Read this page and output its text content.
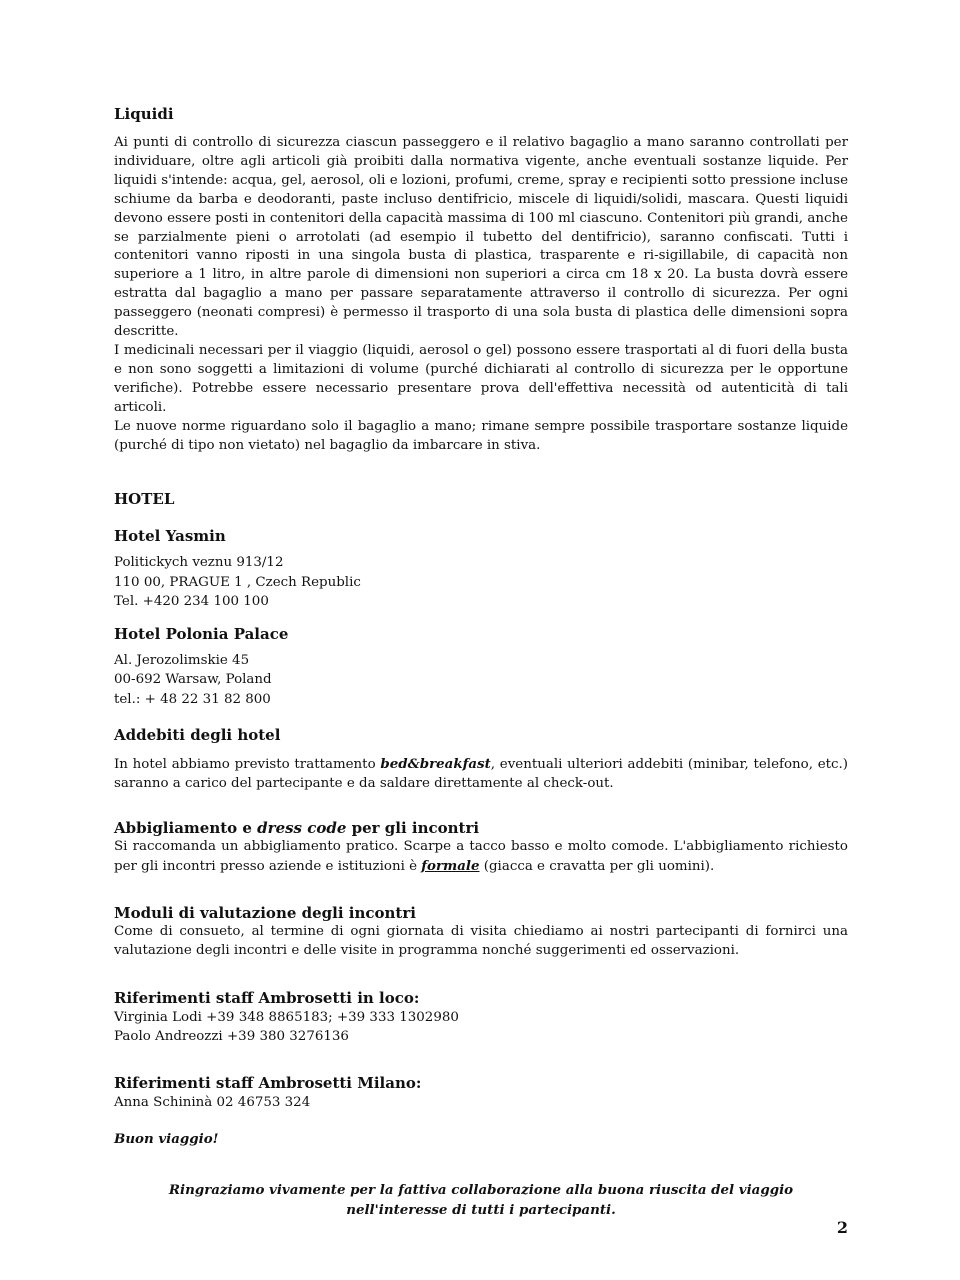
Liquidi

Ai punti di controllo di sicurezza ciascun passeggero e il relativo bagaglio a mano saranno controllati per individuare, oltre agli articoli già proibiti dalla normativa vigente, anche eventuali sostanze liquide. Per liquidi s'intende: acqua, gel, aerosol, oli e lozioni, profumi, creme, spray e recipienti sotto pressione incluse schiume da barba e deodoranti, paste incluso dentifricio, miscele di liquidi/solidi, mascara. Questi liquidi devono essere posti in contenitori della capacità massima di 100 ml ciascuno. Contenitori più grandi, anche se parzialmente pieni o arrotolati (ad esempio il tubetto del dentifricio), saranno confiscati. Tutti i contenitori vanno riposti in una singola busta di plastica, trasparente e ri-sigillabile, di capacità non superiore a 1 litro, in altre parole di dimensioni non superiori a circa cm 18 x 20. La busta dovrà essere estratta dal bagaglio a mano per passare separatamente attraverso il controllo di sicurezza. Per ogni passeggero (neonati compresi) è permesso il trasporto di una sola busta di plastica delle dimensioni sopra descritte.

I medicinali necessari per il viaggio (liquidi, aerosol o gel) possono essere trasportati al di fuori della busta e non sono soggetti a limitazioni di volume (purché dichiarati al controllo di sicurezza per le opportune verifiche). Potrebbe essere necessario presentare prova dell'effettiva necessità od autenticità di tali articoli.

Le nuove norme riguardano solo il bagaglio a mano; rimane sempre possibile trasportare sostanze liquide (purché di tipo non vietato) nel bagaglio da imbarcare in stiva.

HOTEL

Hotel Yasmin

Politickych veznu 913/12

110 00, PRAGUE 1 , Czech Republic

Tel. +420 234 100 100

Hotel Polonia Palace

Al. Jerozolimskie 45

00-692 Warsaw, Poland

tel.: + 48 22 31 82 800

Addebiti degli hotel

In hotel abbiamo previsto trattamento bed&breakfast, eventuali ulteriori addebiti (minibar, telefono, etc.) saranno a carico del partecipante e da saldare direttamente al check-out.

Abbigliamento e dress code per gli incontri

Si raccomanda un abbigliamento pratico. Scarpe a tacco basso e molto comode. L'abbigliamento richiesto per gli incontri presso aziende e istituzioni è formale (giacca e cravatta per gli uomini).

Moduli di valutazione degli incontri

Come di consueto, al termine di ogni giornata di visita chiediamo ai nostri partecipanti di fornirci una valutazione degli incontri e delle visite in programma nonché suggerimenti ed osservazioni.

Riferimenti staff Ambrosetti in loco:

Virginia Lodi +39 348 8865183; +39 333 1302980

Paolo Andreozzi +39 380 3276136

Riferimenti staff Ambrosetti Milano:

Anna Schininà 02 46753 324

Buon viaggio!

Ringraziamo vivamente per la fattiva collaborazione alla buona riuscita del viaggio
nell'interesse di tutti i partecipanti.
2
